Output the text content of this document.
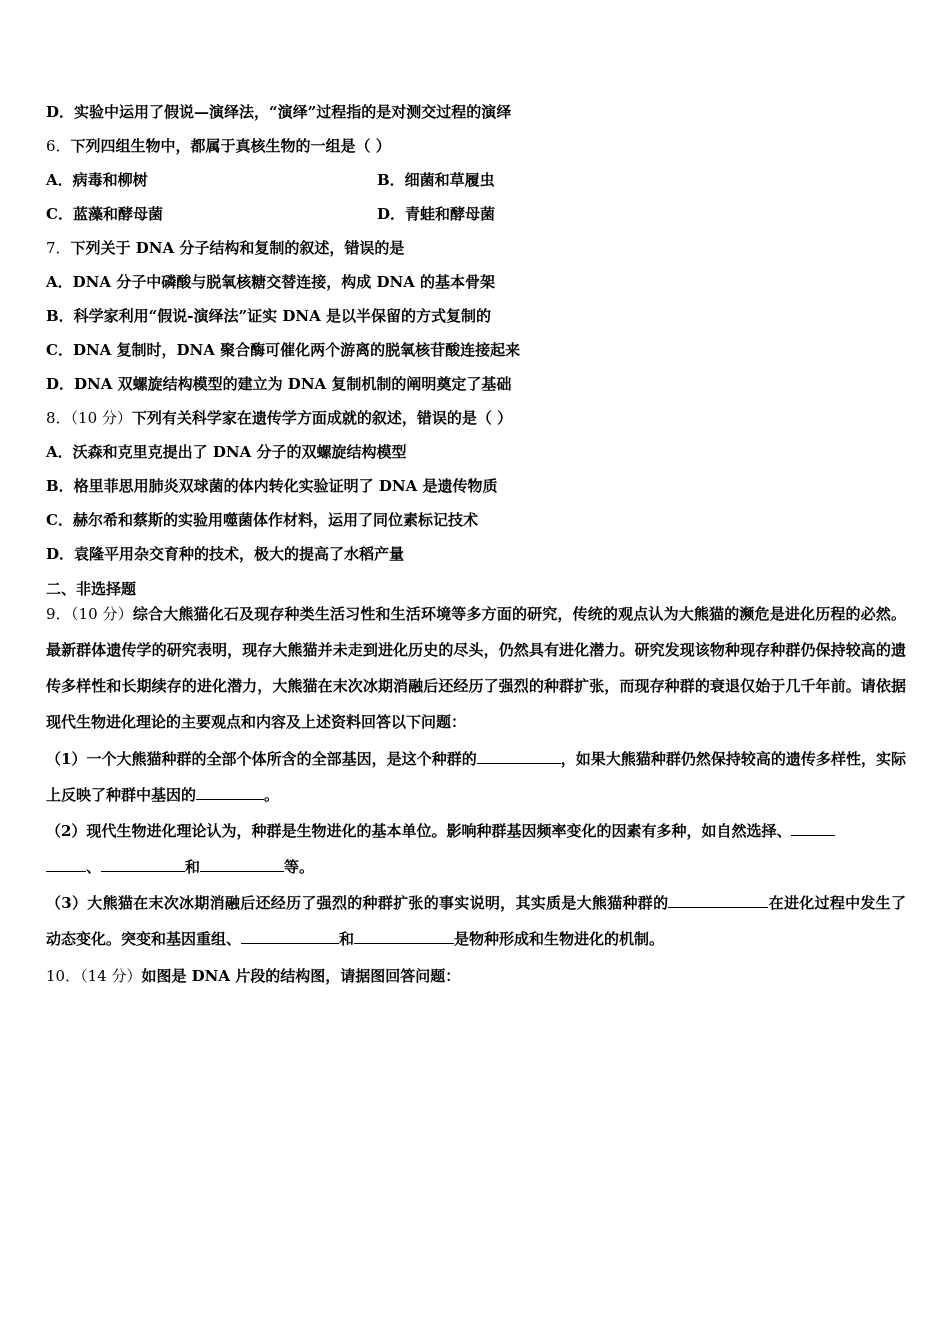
D．实验中运用了假说—演绎法，“演绎”过程指的是对测交过程的演绎
6．下列四组生物中，都属于真核生物的一组是（ ）
A．病毒和柳树	B．细菌和草履虫
C．蓝藻和酵母菌	D．青蛙和酵母菌
7．下列关于 DNA 分子结构和复制的叙述，错误的是
A．DNA 分子中磷酸与脱氧核糖交替连接，构成 DNA 的基本骨架
B．科学家利用“假说-演绎法”证实 DNA 是以半保留的方式复制的
C．DNA 复制时，DNA 聚合酶可催化两个游离的脱氧核苷酸连接起来
D．DNA 双螺旋结构模型的建立为 DNA 复制机制的阐明奠定了基础
8．（10 分）下列有关科学家在遗传学方面成就的叙述，错误的是（ ）
A．沃森和克里克提出了 DNA 分子的双螺旋结构模型
B．格里菲思用肺炎双球菌的体内转化实验证明了 DNA 是遗传物质
C．赫尔希和蔡斯的实验用噬菌体作材料，运用了同位素标记技术
D．袁隆平用杂交育种的技术，极大的提高了水稻产量
二、非选择题
9．（10 分）综合大熊猫化石及现存种类生活习性和生活环境等多方面的研究，传统的观点认为大熊猫的濒危是进化历程的必然。最新群体遗传学的研究表明，现存大熊猫并未走到进化历史的尽头，仍然具有进化潜力。研究发现该物种现存种群仍保持较高的遗传多样性和长期续存的进化潜力，大熊猫在末次冰期消融后还经历了强烈的种群扩张，而现存种群的衰退仅始于几千年前。请依据现代生物进化理论的主要观点和内容及上述资料回答以下问题：
（1）一个大熊猫种群的全部个体所含的全部基因，是这个种群的	，如果大熊猫种群仍然保持较高的遗传多样性，实际上反映了种群中基因的	。
（2）现代生物进化理论认为，种群是生物进化的基本单位。影响种群基因频率变化的因素有多种，如自然选择、
、	和	等。
（3）大熊猫在末次冰期消融后还经历了强烈的种群扩张的事实说明，其实质是大熊猫种群的	在进化过程中发生了动态变化。突变和基因重组、	和	是物种形成和生物进化的机制。
10．（14 分）如图是 DNA 片段的结构图，请据图回答问题：
